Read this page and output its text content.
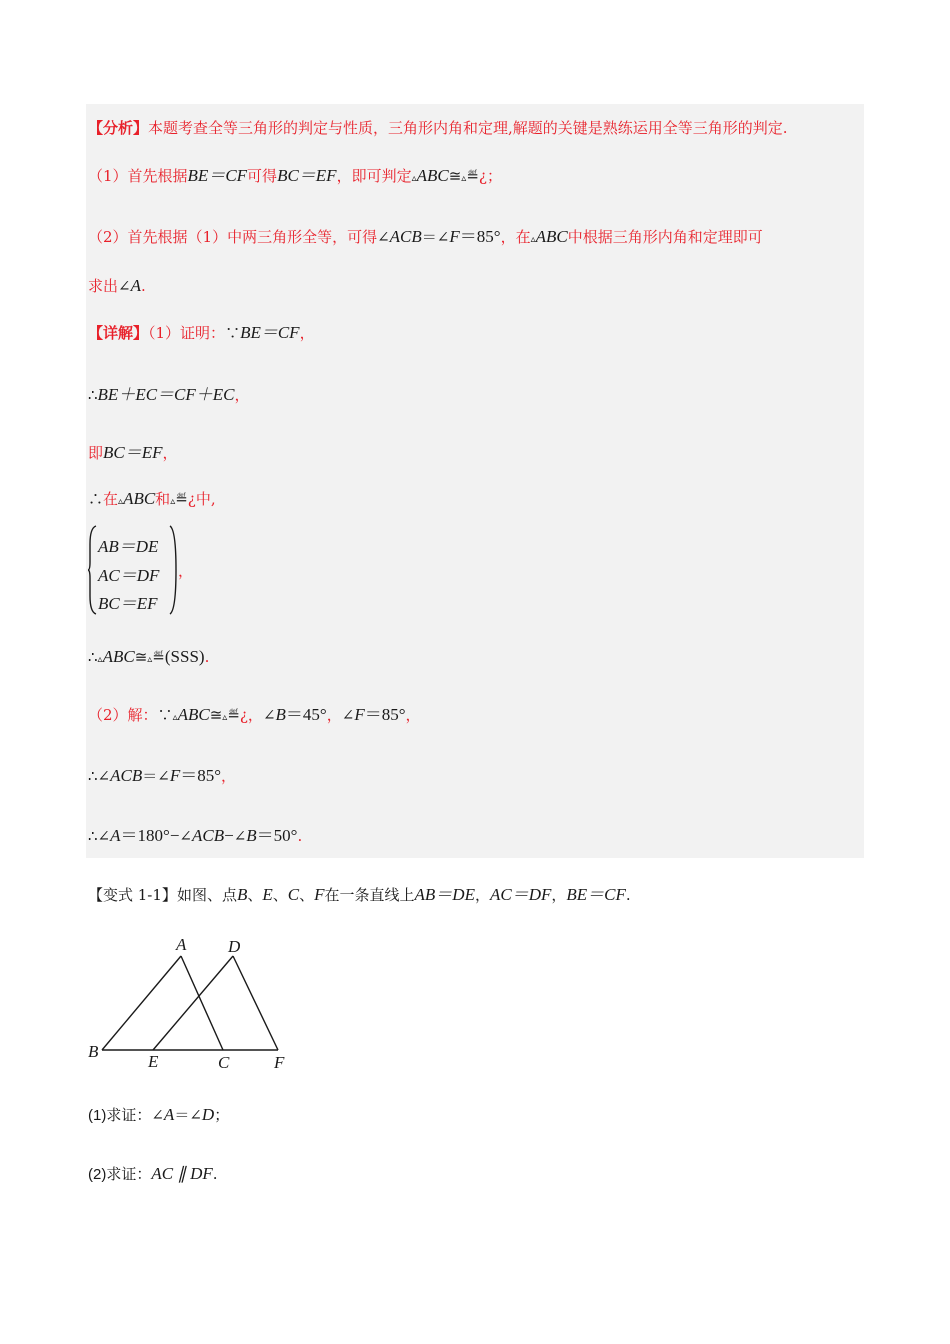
【分析】本题考查全等三角形的判定与性质，三角形内角和定理,解题的关键是熟练运用全等三角形的判定.
（1）首先根据BE＝CF可得BC＝EF，即可判定▵ABC≅▵≝¿；
（2）首先根据（1）中两三角形全等，可得∠ACB＝∠F＝85°，在▵ABC中根据三角形内角和定理即可
求出∠A.
【详解】（1）证明：∵BE＝CF，
∴BE＋EC＝CF＋EC，
即BC＝EF，
∴在▵ABC和▵≝¿中,
AB＝DE
AC＝DF
BC＝EF
，
∴▵ABC≅▵≝(SSS).
（2）解：∵▵ABC≅▵≝¿，∠B＝45°，∠F＝85°，
∴∠ACB＝∠F＝85°，
∴∠A＝180°−∠ACB−∠B＝50°.
【变式 1-1】如图、点B、E、C、F在一条直线上AB＝DE，AC＝DF，BE＝CF.
A D
B
E	C	F
(1)求证：∠A＝∠D；
(2)求证：AC ∥ DF.
